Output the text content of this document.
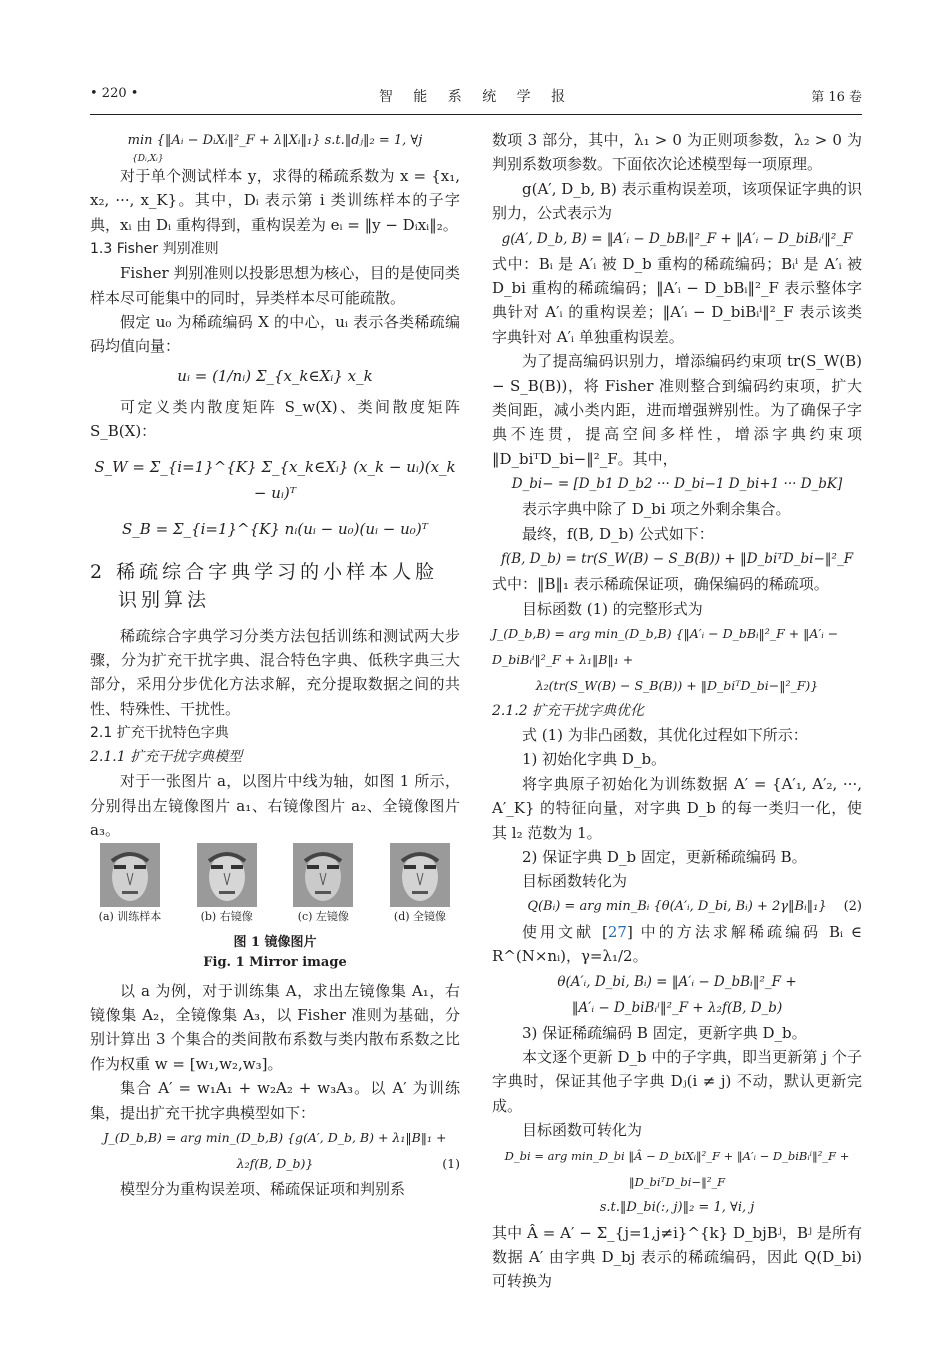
• 220 •	智 能 系 统 学 报	第 16 卷
min {‖Aᵢ − DᵢXᵢ‖²_F + λ‖Xᵢ‖₁} s.t.‖dⱼ‖₂ = 1, ∀j
{Dᵢ,Xᵢ}

对于单个测试样本 y，求得的稀疏系数为 x = {x₁, x₂, ···, x_K}。其中，Dᵢ 表示第 i 类训练样本的子字典，xᵢ 由 Dᵢ 重构得到，重构误差为 eᵢ = ‖y − Dᵢxᵢ‖₂。

1.3 Fisher 判别准则

Fisher 判别准则以投影思想为核心，目的是使同类样本尽可能集中的同时，异类样本尽可能疏散。

假定 u₀ 为稀疏编码 X 的中心，uᵢ 表示各类稀疏编码均值向量：

uᵢ = (1/nᵢ) Σ_{x_k∈Xᵢ} x_k

可定义类内散度矩阵 S_w(X)、类间散度矩阵 S_B(X)：

S_W = Σ_{i=1}^{K} Σ_{x_k∈Xᵢ} (x_k − uᵢ)(x_k − uᵢ)ᵀ
S_B = Σ_{i=1}^{K} nᵢ(uᵢ − u₀)(uᵢ − u₀)ᵀ
2 稀疏综合字典学习的小样本人脸识别算法

稀疏综合字典学习分类方法包括训练和测试两大步骤，分为扩充干扰字典、混合特色字典、低秩字典三大部分，采用分步优化方法求解，充分提取数据之间的共性、特殊性、干扰性。

2.1 扩充干扰特色字典
2.1.1 扩充干扰字典模型

对于一张图片 a，以图片中线为轴，如图 1 所示，分别得出左镜像图片 a₁、右镜像图片 a₂、全镜像图片 a₃。

(a) 训练样本	(b) 右镜像	(c) 左镜像	(d) 全镜像
图 1 镜像图片
Fig. 1 Mirror image

以 a 为例，对于训练集 A，求出左镜像集 A₁，右镜像集 A₂，全镜像集 A₃，以 Fisher 准则为基础，分别计算出 3 个集合的类间散布系数与类内散布系数之比作为权重 w = [w₁,w₂,w₃]。

集合 A′ = w₁A₁ + w₂A₂ + w₃A₃。以 A′ 为训练集，提出扩充干扰字典模型如下：

J_(D_b,B) = arg min_(D_b,B) {g(A′, D_b, B) + λ₁‖B‖₁ + λ₂f(B, D_b)}	(1)

模型分为重构误差项、稀疏保证项和判别系

数项 3 部分，其中，λ₁ > 0 为正则项参数，λ₂ > 0 为判别系数项参数。下面依次论述模型每一项原理。

g(A′, D_b, B) 表示重构误差项，该项保证字典的识别力，公式表示为

g(A′, D_b, B) = ‖A′ᵢ − D_bBᵢ‖²_F + ‖A′ᵢ − D_biBᵢⁱ‖²_F

式中：Bᵢ 是 A′ᵢ 被 D_b 重构的稀疏编码；Bᵢⁱ 是 A′ᵢ 被 D_bi 重构的稀疏编码；‖A′ᵢ − D_bBᵢ‖²_F 表示整体字典针对 A′ᵢ 的重构误差；‖A′ᵢ − D_biBᵢⁱ‖²_F 表示该类字典针对 A′ᵢ 单独重构误差。

为了提高编码识别力，增添编码约束项 tr(S_W(B) − S_B(B))，将 Fisher 准则整合到编码约束项，扩大类间距，减小类内距，进而增强辨别性。为了确保子字典不连贯，提高空间多样性，增添字典约束项 ‖D_biᵀD_bi−‖²_F。其中，

D_bi− = [D_b1 D_b2 ··· D_bi−1 D_bi+1 ··· D_bK]

表示字典中除了 D_bi 项之外剩余集合。

最终，f(B, D_b) 公式如下：

f(B, D_b) = tr(S_W(B) − S_B(B)) + ‖D_biᵀD_bi−‖²_F

式中：‖B‖₁ 表示稀疏保证项，确保编码的稀疏项。

目标函数 (1) 的完整形式为

J_(D_b,B) = arg min_(D_b,B) {‖A′ᵢ − D_bBᵢ‖²_F + ‖A′ᵢ − D_biBᵢⁱ‖²_F + λ₁‖B‖₁ +
λ₂(tr(S_W(B) − S_B(B)) + ‖D_biᵀD_bi−‖²_F)}
2.1.2 扩充干扰字典优化

式 (1) 为非凸函数，其优化过程如下所示：

1) 初始化字典 D_b。

将字典原子初始化为训练数据 A′ = {A′₁, A′₂, ···, A′_K} 的特征向量，对字典 D_b 的每一类归一化，使其 l₂ 范数为 1。

2) 保证字典 D_b 固定，更新稀疏编码 B。

目标函数转化为

Q(Bᵢ) = arg min_Bᵢ {θ(A′ᵢ, D_bi, Bᵢ) + 2γ‖Bᵢ‖₁} (2)

使用文献 [27] 中的方法求解稀疏编码 Bᵢ ∈ R^(N×nᵢ)，γ=λ₁/2。

θ(A′ᵢ, D_bi, Bᵢ) = ‖A′ᵢ − D_bBᵢ‖²_F +
‖A′ᵢ − D_biBᵢⁱ‖²_F + λ₂f(B, D_b)

3) 保证稀疏编码 B 固定，更新字典 D_b。

本文逐个更新 D_b 中的子字典，即当更新第 j 个子字典时，保证其他子字典 Dⱼ(i ≠ j) 不动，默认更新完成。

目标函数可转化为

D_bi = arg min_D_bi ‖Â − D_biXᵢ‖²_F + ‖A′ᵢ − D_biBᵢⁱ‖²_F + ‖D_biᵀD_bi−‖²_F
s.t.‖D_bi(:, j)‖₂ = 1, ∀i, j

其中 Â = A′ − Σ_{j=1,j≠i}^{k} D_bjBʲ，Bʲ 是所有数据 A′ 由字典 D_bj 表示的稀疏编码，因此 Q(D_bi) 可转换为
